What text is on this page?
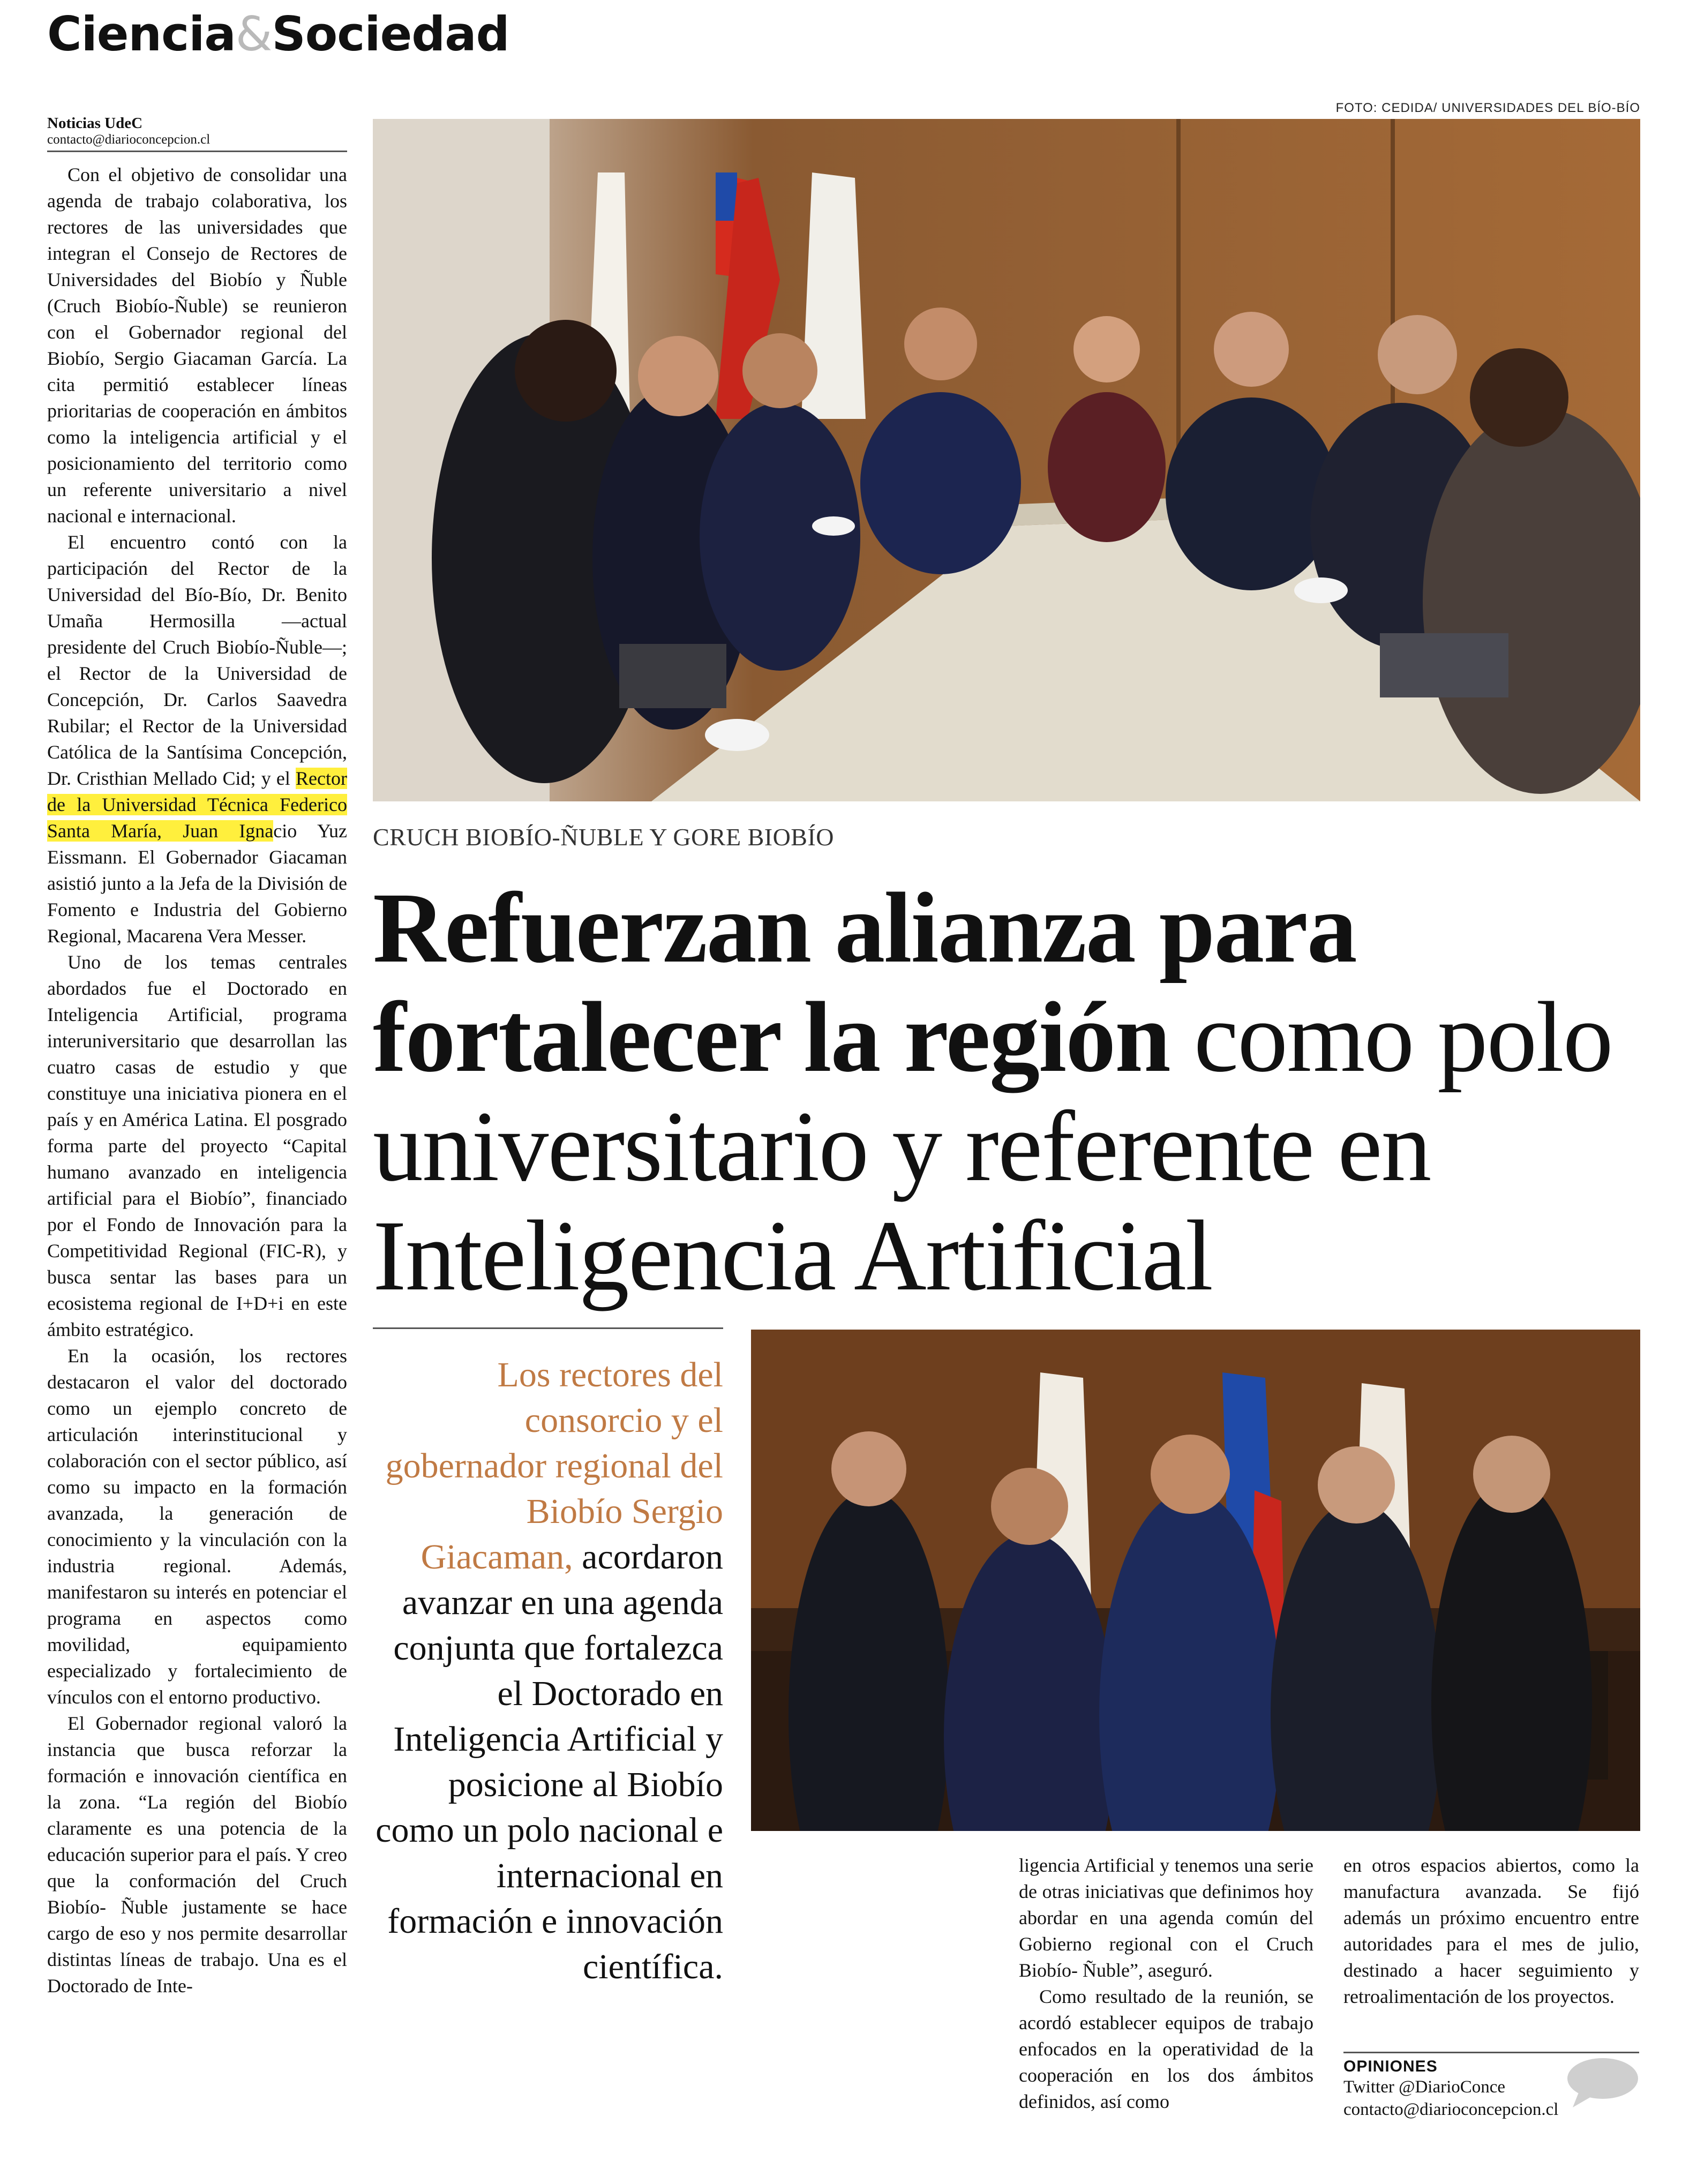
Ciencia&Sociedad
FOTO: CEDIDA/ UNIVERSIDADES DEL BÍO-BÍO
Noticias UdeC
contacto@diarioconcepcion.cl

Con el objetivo de consolidar una agenda de trabajo colaborativa, los rectores de las universidades que integran el Consejo de Rectores de Universidades del Biobío y Ñuble (Cruch Biobío-Ñuble) se reunieron con el Gobernador regional del Biobío, Sergio Giacaman García. La cita permitió establecer líneas prioritarias de cooperación en ámbitos como la inteligencia artificial y el posicionamiento del territorio como un referente universitario a nivel nacional e internacional.

El encuentro contó con la participación del Rector de la Universidad del Bío-Bío, Dr. Benito Umaña Hermosilla —actual presidente del Cruch Biobío-Ñuble—; el Rector de la Universidad de Concepción, Dr. Carlos Saavedra Rubilar; el Rector de la Universidad Católica de la Santísima Concepción, Dr. Cristhian Mellado Cid; y el Rector de la Universidad Técnica Federico Santa María, Juan Ignacio Yuz Eissmann. El Gobernador Giacaman asistió junto a la Jefa de la División de Fomento e Industria del Gobierno Regional, Macarena Vera Messer.

Uno de los temas centrales abordados fue el Doctorado en Inteligencia Artificial, programa interuniversitario que desarrollan las cuatro casas de estudio y que constituye una iniciativa pionera en el país y en América Latina. El posgrado forma parte del proyecto “Capital humano avanzado en inteligencia artificial para el Biobío”, financiado por el Fondo de Innovación para la Competitividad Regional (FIC-R), y busca sentar las bases para un ecosistema regional de I+D+i en este ámbito estratégico.

En la ocasión, los rectores destacaron el valor del doctorado como un ejemplo concreto de articulación interinstitucional y colaboración con el sector público, así como su impacto en la formación avanzada, la generación de conocimiento y la vinculación con la industria regional. Además, manifestaron su interés en potenciar el programa en aspectos como movilidad, equipamiento especializado y fortalecimiento de vínculos con el entorno productivo.

El Gobernador regional valoró la instancia que busca reforzar la formación e innovación científica en la zona. “La región del Biobío claramente es una potencia de la educación superior para el país. Y creo que la conformación del Cruch Biobío- Ñuble justamente se hace cargo de eso y nos permite desarrollar distintas líneas de trabajo. Una es el Doctorado de Inte-

CRUCH BIOBÍO-ÑUBLE Y GORE BIOBÍO
Refuerzan alianza para fortalecer la región como polo universitario y referente en Inteligencia Artificial
Los rectores del consorcio y el gobernador regional del Biobío Sergio Giacaman, acordaron avanzar en una agenda conjunta que fortalezca el Doctorado en Inteligencia Artificial y posicione al Biobío como un polo nacional e internacional en formación e innovación científica.

ligencia Artificial y tenemos una serie de otras iniciativas que definimos hoy abordar en una agenda común del Gobierno regional con el Cruch Biobío- Ñuble”, aseguró.

Como resultado de la reunión, se acordó establecer equipos de trabajo enfocados en la operatividad de la cooperación en los dos ámbitos definidos, así como

en otros espacios abiertos, como la manufactura avanzada. Se fijó además un próximo encuentro entre autoridades para el mes de julio, destinado a hacer seguimiento y retroalimentación de los proyectos.

OPINIONES
Twitter @DiarioConce
contacto@diarioconcepcion.cl
